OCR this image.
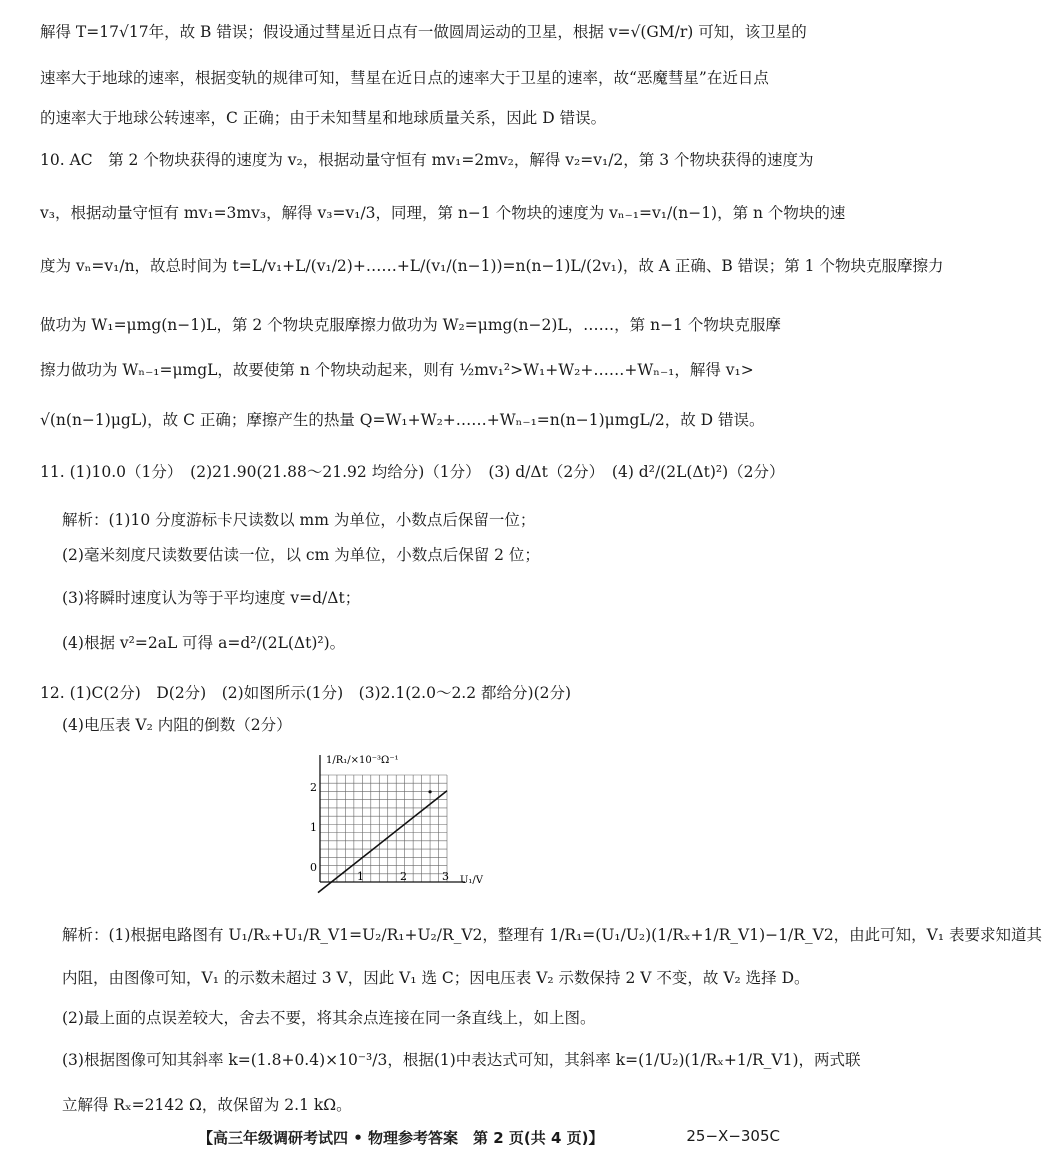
解得 T=17√17年，故 B 错误；假设通过彗星近日点有一做圆周运动的卫星，根据 v=√(GM/r) 可知，该卫星的
速率大于地球的速率，根据变轨的规律可知，彗星在近日点的速率大于卫星的速率，故“恶魔彗星”在近日点
的速率大于地球公转速率，C 正确；由于未知彗星和地球质量关系，因此 D 错误。
10. AC　第 2 个物块获得的速度为 v₂，根据动量守恒有 mv₁=2mv₂，解得 v₂=v₁/2，第 3 个物块获得的速度为
v₃，根据动量守恒有 mv₁=3mv₃，解得 v₃=v₁/3，同理，第 n−1 个物块的速度为 vₙ₋₁=v₁/(n−1)，第 n 个物块的速
度为 vₙ=v₁/n，故总时间为 t=L/v₁+L/(v₁/2)+……+L/(v₁/(n−1))=n(n−1)L/(2v₁)，故 A 正确、B 错误；第 1 个物块克服摩擦力
做功为 W₁=μmg(n−1)L，第 2 个物块克服摩擦力做功为 W₂=μmg(n−2)L，……，第 n−1 个物块克服摩
擦力做功为 Wₙ₋₁=μmgL，故要使第 n 个物块动起来，则有 ½mv₁²>W₁+W₂+……+Wₙ₋₁，解得 v₁>
√(n(n−1)μgL)，故 C 正确；摩擦产生的热量 Q=W₁+W₂+……+Wₙ₋₁=n(n−1)μmgL/2，故 D 错误。
11. (1)10.0（1分）　(2)21.90(21.88～21.92 均给分)（1分）　(3) d/Δt（2分）　(4) d²/(2L(Δt)²)（2分）
解析：(1)10 分度游标卡尺读数以 mm 为单位，小数点后保留一位；
(2)毫米刻度尺读数要估读一位，以 cm 为单位，小数点后保留 2 位；
(3)将瞬时速度认为等于平均速度 v=d/Δt；
(4)根据 v²=2aL 可得 a=d²/(2L(Δt)²)。
12. (1)C(2分)　D(2分)　(2)如图所示(1分)　(3)2.1(2.0～2.2 都给分)(2分)
(4)电压表 V₂ 内阻的倒数（2分）
1/R₁/×10⁻³Ω⁻¹
U₁/V
2
1
0
1	2	3
解析：(1)根据电路图有 U₁/Rₓ+U₁/R_V1=U₂/R₁+U₂/R_V2，整理有 1/R₁=(U₁/U₂)(1/Rₓ+1/R_V1)−1/R_V2，由此可知，V₁ 表要求知道其
内阻，由图像可知，V₁ 的示数未超过 3 V，因此 V₁ 选 C；因电压表 V₂ 示数保持 2 V 不变，故 V₂ 选择 D。
(2)最上面的点误差较大，舍去不要，将其余点连接在同一条直线上，如上图。
(3)根据图像可知其斜率 k=(1.8+0.4)×10⁻³/3，根据(1)中表达式可知，其斜率 k=(1/U₂)(1/Rₓ+1/R_V1)，两式联
立解得 Rₓ=2142 Ω，故保留为 2.1 kΩ。
【高三年级调研考试四 • 物理参考答案　第 2 页(共 4 页)】	25−X−305C
